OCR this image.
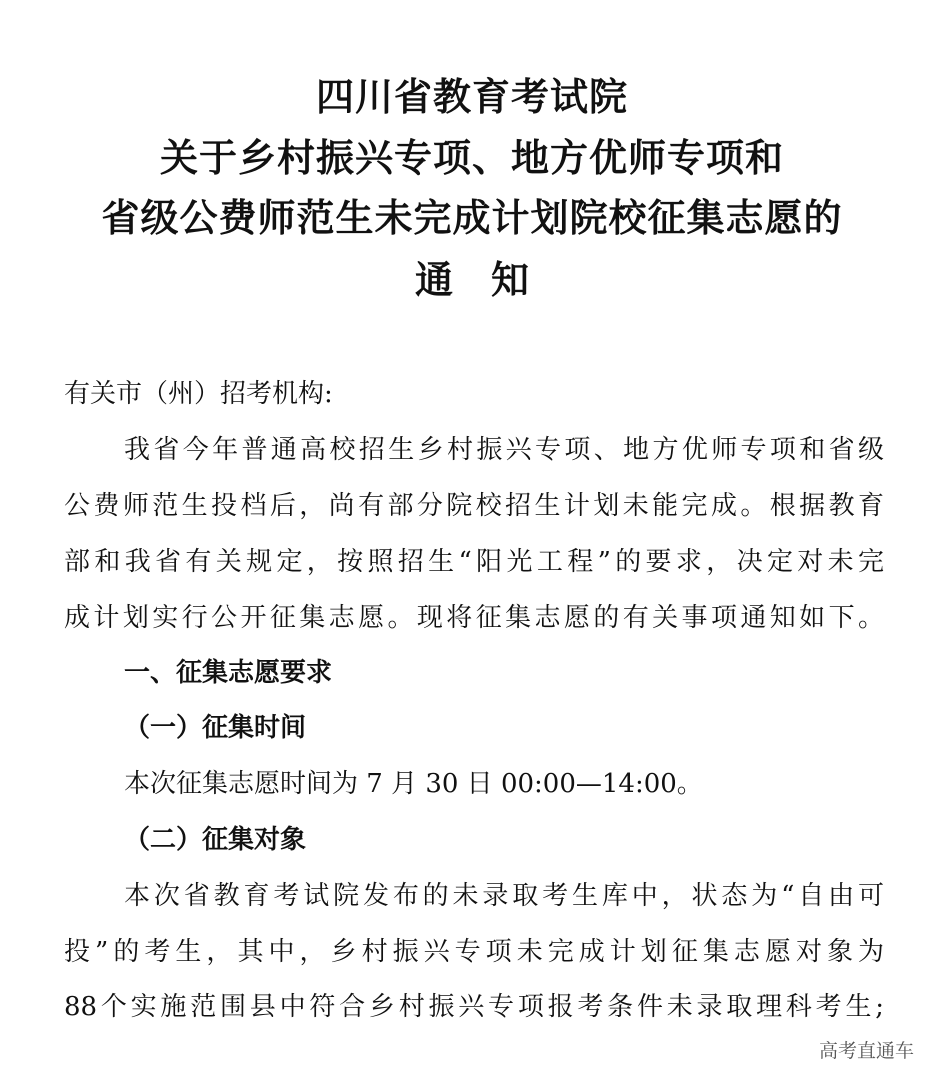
四川省教育考试院
关于乡村振兴专项、地方优师专项和
省级公费师范生未完成计划院校征集志愿的
通　知
有关市（州）招考机构:
我省今年普通高校招生乡村振兴专项、地方优师专项和省级
公费师范生投档后，尚有部分院校招生计划未能完成。根据教育
部和我省有关规定，按照招生“阳光工程”的要求，决定对未完
成计划实行公开征集志愿。现将征集志愿的有关事项通知如下。
一、征集志愿要求
（一）征集时间
本次征集志愿时间为 7 月 30 日 00:00—14:00。
（二）征集对象
本次省教育考试院发布的未录取考生库中，状态为“自由可
投”的考生，其中，乡村振兴专项未完成计划征集志愿对象为
88个实施范围县中符合乡村振兴专项报考条件未录取理科考生;
高考直通车
